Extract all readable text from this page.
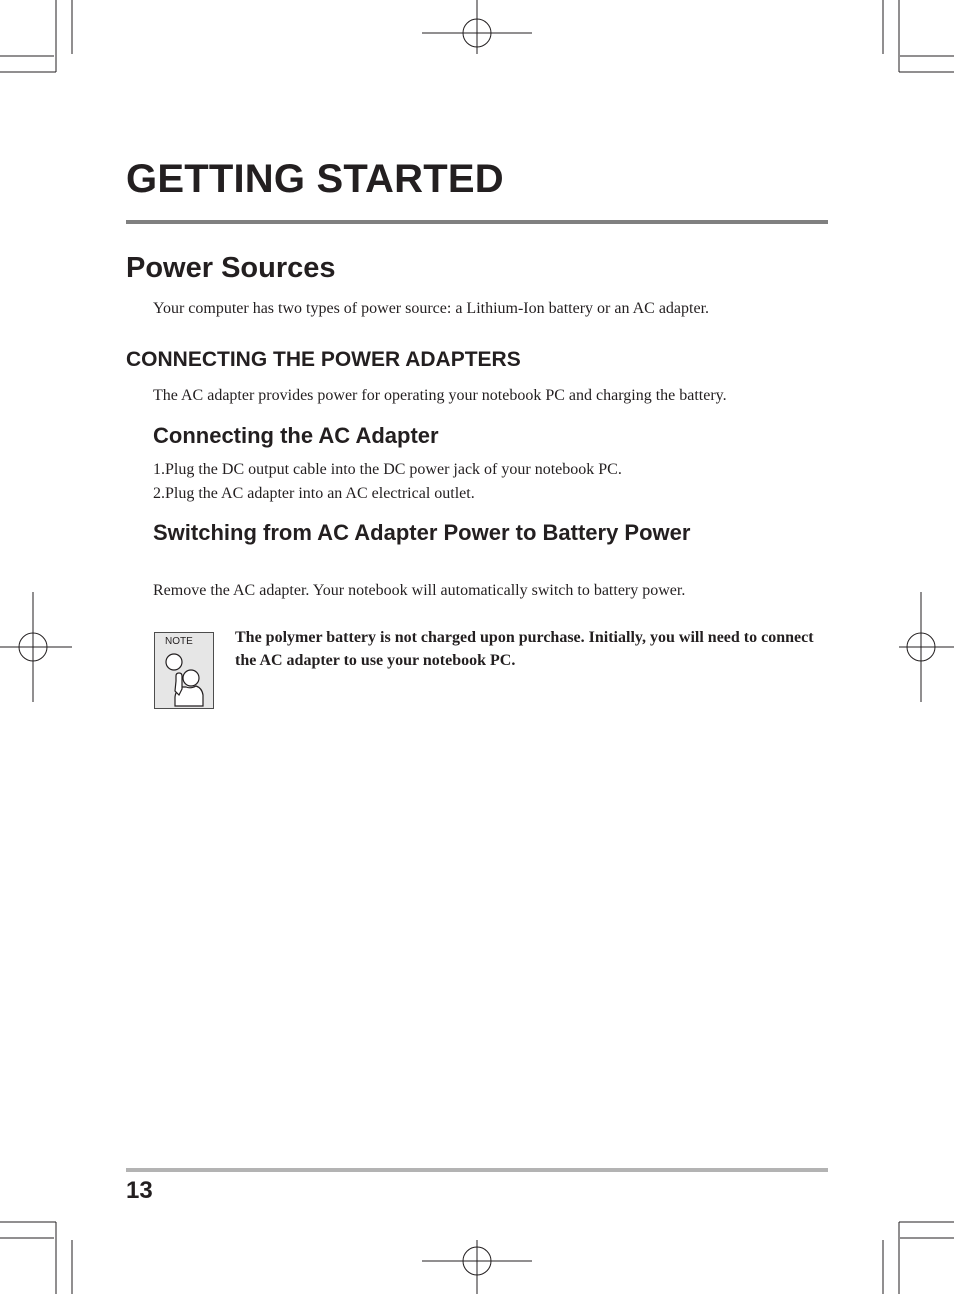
GETTING STARTED
Power Sources

Your computer has two types of power source: a Lithium-Ion battery or an AC adapter.

CONNECTING THE POWER ADAPTERS

The AC adapter provides power for operating your notebook PC and charging the battery.

Connecting the AC Adapter
1.Plug the DC output cable into the DC power jack of your notebook PC.
2.Plug the AC adapter into an AC electrical outlet.
Switching from AC Adapter Power to Battery Power

Remove the AC adapter. Your notebook will automatically switch to battery power.

NOTE	The polymer battery is not charged upon purchase. Initially, you will need to connect the AC adapter to use your notebook PC.

13
